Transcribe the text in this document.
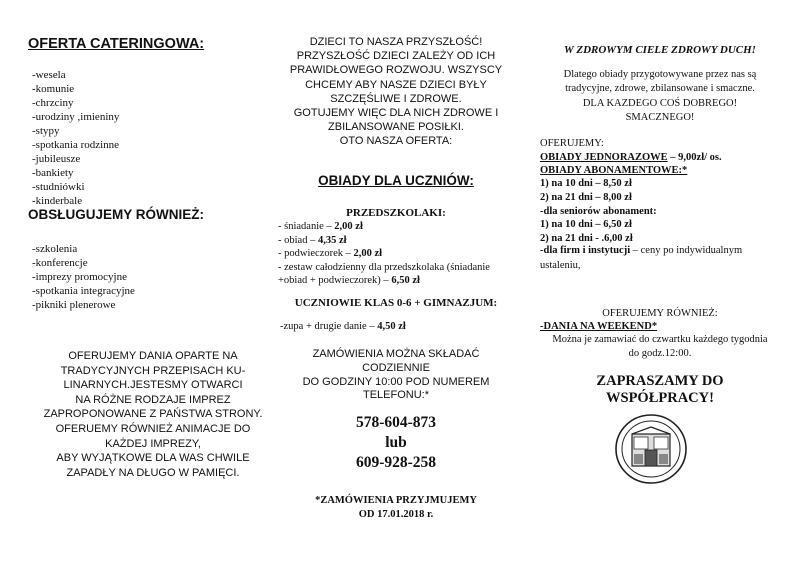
OFERTA CATERINGOWA:
-wesela
-komunie
-chrzciny
-urodziny ,imieniny
-stypy
-spotkania rodzinne
-jubileusze
-bankiety
-studniówki
-kinderbale
OBSŁUGUJEMY RÓWNIEŻ:
-szkolenia
-konferencje
-imprezy promocyjne
-spotkania integracyjne
-pikniki plenerowe
OFERUJEMY DANIA OPARTE NA
TRADYCYJNYCH PRZEPISACH KU-
LINARNYCH.JESTESMY OTWARCI
NA RÓŻNE RODZAJE IMPREZ
ZAPROPONOWANE Z PAŃSTWA STRONY.
OFERUEMY RÓWNIEŻ ANIMACJE DO
KAŻDEJ IMPREZY,
ABY WYJĄTKOWE DLA WAS CHWILE
ZAPADŁY NA DŁUGO W PAMIĘCI.
DZIECI TO NASZA PRZYSZŁOŚĆ!
PRZYSZŁOŚĆ DZIECI ZALEŻY OD ICH
PRAWIDŁOWEGO ROZWOJU. WSZYSCY
CHCEMY ABY NASZE DZIECI BYŁY
SZCZĘŚLIWE I ZDROWE.
GOTUJEMY WIĘC DLA NICH ZDROWE I
ZBILANSOWANE POSIŁKI.
OTO NASZA OFERTA:
OBIADY DLA UCZNIÓW:
PRZEDSZKOLAKI:
- śniadanie – 2,00 zł
- obiad – 4,35 zł
- podwieczorek – 2,00 zł
- zestaw całodzienny dla przedszkolaka (śniadanie +obiad + podwieczorek) – 6,50 zł
UCZNIOWIE KLAS 0-6 + GIMNAZJUM:
-zupa + drugie danie – 4,50 zł
ZAMÓWIENIA MOŻNA SKŁADAĆ
CODZIENNIE
DO GODZINY 10:00 POD NUMEREM
TELEFONU:*
578-604-873
lub
609-928-258
*ZAMÓWIENIA PRZYJMUJEMY
OD 17.01.2018 r.
W ZDROWYM CIELE ZDROWY DUCH!
Dlatego obiady przygotowywane przez nas są
tradycyjne, zdrowe, zbilansowane i smaczne.
DLA KAZDEGO COŚ DOBREGO!
SMACZNEGO!
OFERUJEMY:
OBIADY JEDNORAZOWE – 9,00zł/ os.
OBIADY ABONAMENTOWE:*
1) na 10 dni – 8,50 zł
2) na 21 dni – 8,00 zł
-dla seniorów abonament:
1) na 10 dni – 6,50 zł
2) na 21 dni - .6,00 zł
-dla firm i instytucji – ceny po indywidualnym ustaleniu,
OFERUJEMY RÓWNIEŻ:
-DANIA NA WEEKEND*
Można je zamawiać do czwartku każdego tygodnia
do godz.12:00.
ZAPRASZAMY DO
WSPÓŁPRACY!
